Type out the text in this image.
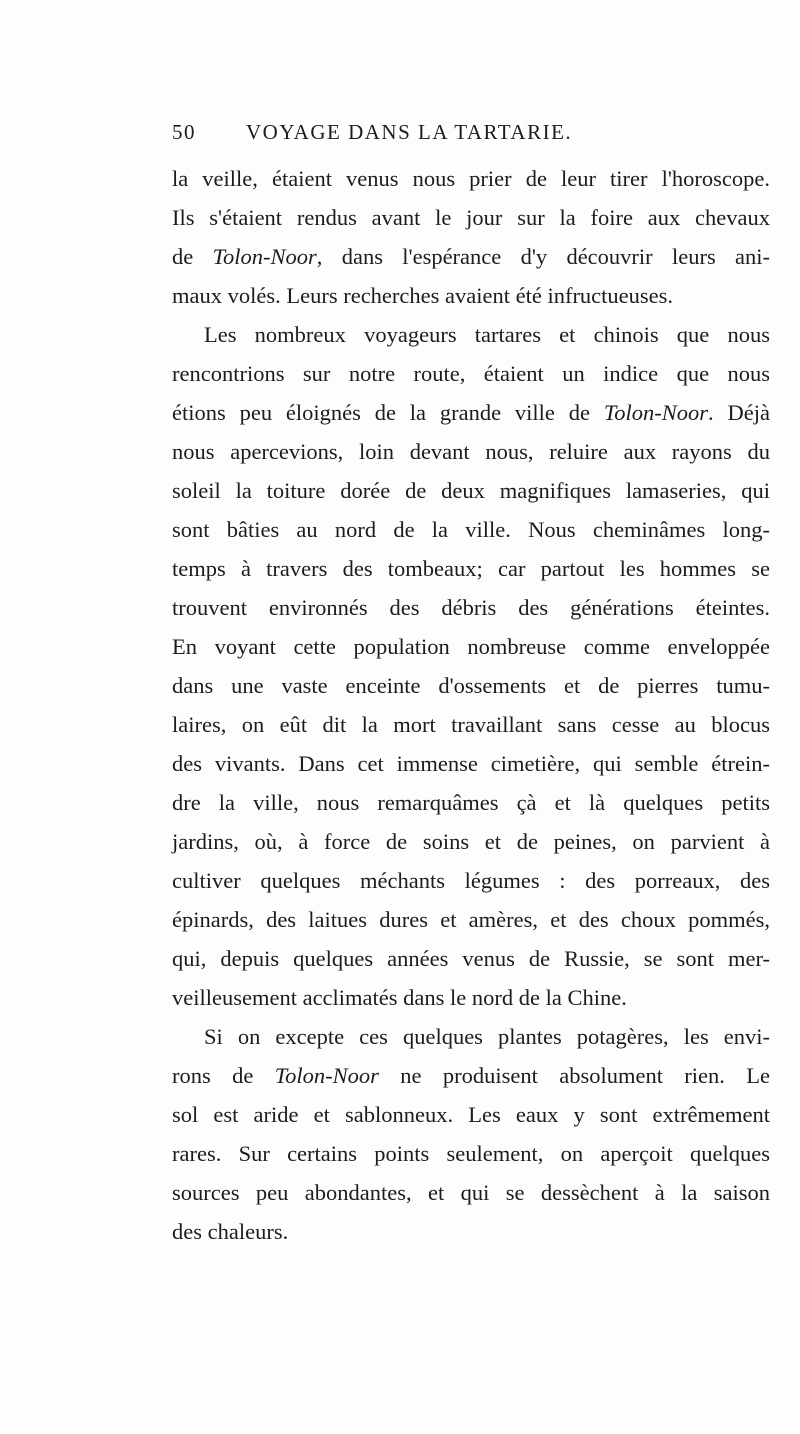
50 VOYAGE DANS LA TARTARIE.
la veille, étaient venus nous prier de leur tirer l'horoscope.
Ils s'étaient rendus avant le jour sur la foire aux chevaux
de Tolon-Noor, dans l'espérance d'y découvrir leurs ani-
maux volés. Leurs recherches avaient été infructueuses.
Les nombreux voyageurs tartares et chinois que nous
rencontrions sur notre route, étaient un indice que nous
étions peu éloignés de la grande ville de Tolon-Noor. Déjà
nous apercevions, loin devant nous, reluire aux rayons du
soleil la toiture dorée de deux magnifiques lamaseries, qui
sont bâties au nord de la ville. Nous cheminâmes long-
temps à travers des tombeaux; car partout les hommes se
trouvent environnés des débris des générations éteintes.
En voyant cette population nombreuse comme enveloppée
dans une vaste enceinte d'ossements et de pierres tumu-
laires, on eût dit la mort travaillant sans cesse au blocus
des vivants. Dans cet immense cimetière, qui semble étrein-
dre la ville, nous remarquâmes çà et là quelques petits
jardins, où, à force de soins et de peines, on parvient à
cultiver quelques méchants légumes : des porreaux, des
épinards, des laitues dures et amères, et des choux pommés,
qui, depuis quelques années venus de Russie, se sont mer-
veilleusement acclimatés dans le nord de la Chine.
Si on excepte ces quelques plantes potagères, les envi-
rons de Tolon-Noor ne produisent absolument rien. Le
sol est aride et sablonneux. Les eaux y sont extrêmement
rares. Sur certains points seulement, on aperçoit quelques
sources peu abondantes, et qui se dessèchent à la saison
des chaleurs.
